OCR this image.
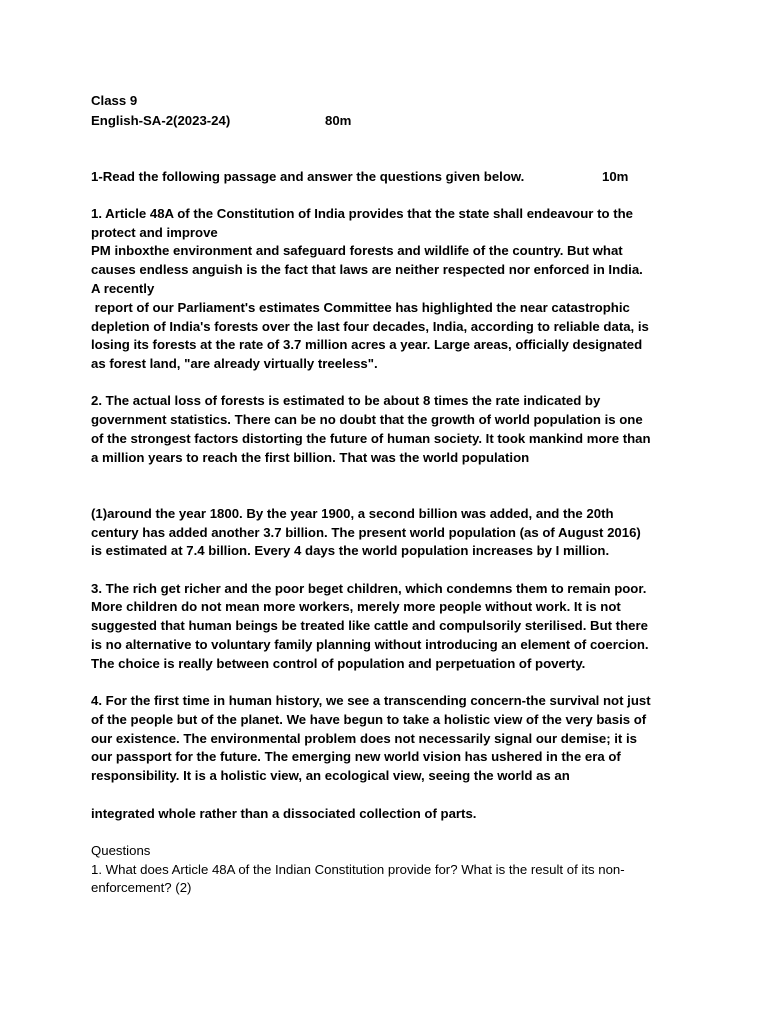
Class 9
English-SA-2(2023-24)	80m
1-Read the following passage and answer the questions given below.	10m
1. Article 48A of the Constitution of India provides that the state shall endeavour to the
protect and improve
PM inboxthe environment and safeguard forests and wildlife of the country. But what
causes endless anguish is the fact that laws are neither respected nor enforced in India.
A recently
report of our Parliament's estimates Committee has highlighted the near catastrophic
depletion of India's forests over the last four decades, India, according to reliable data, is
losing its forests at the rate of 3.7 million acres a year. Large areas, officially designated
as forest land, "are already virtually treeless".
2. The actual loss of forests is estimated to be about 8 times the rate indicated by
government statistics. There can be no doubt that the growth of world population is one
of the strongest factors distorting the future of human society. It took mankind more than
a million years to reach the first billion. That was the world population
(1)around the year 1800. By the year 1900, a second billion was added, and the 20th
century has added another 3.7 billion. The present world population (as of August 2016)
is estimated at 7.4 billion. Every 4 days the world population increases by I million.
3. The rich get richer and the poor beget children, which condemns them to remain poor.
More children do not mean more workers, merely more people without work. It is not
suggested that human beings be treated like cattle and compulsorily sterilised. But there
is no alternative to voluntary family planning without introducing an element of coercion.
The choice is really between control of population and perpetuation of poverty.
4. For the first time in human history, we see a transcending concern-the survival not just
of the people but of the planet. We have begun to take a holistic view of the very basis of
our existence. The environmental problem does not necessarily signal our demise; it is
our passport for the future. The emerging new world vision has ushered in the era of
responsibility. It is a holistic view, an ecological view, seeing the world as an
integrated whole rather than a dissociated collection of parts.
Questions
1. What does Article 48A of the Indian Constitution provide for? What is the result of its non-
enforcement? (2)
